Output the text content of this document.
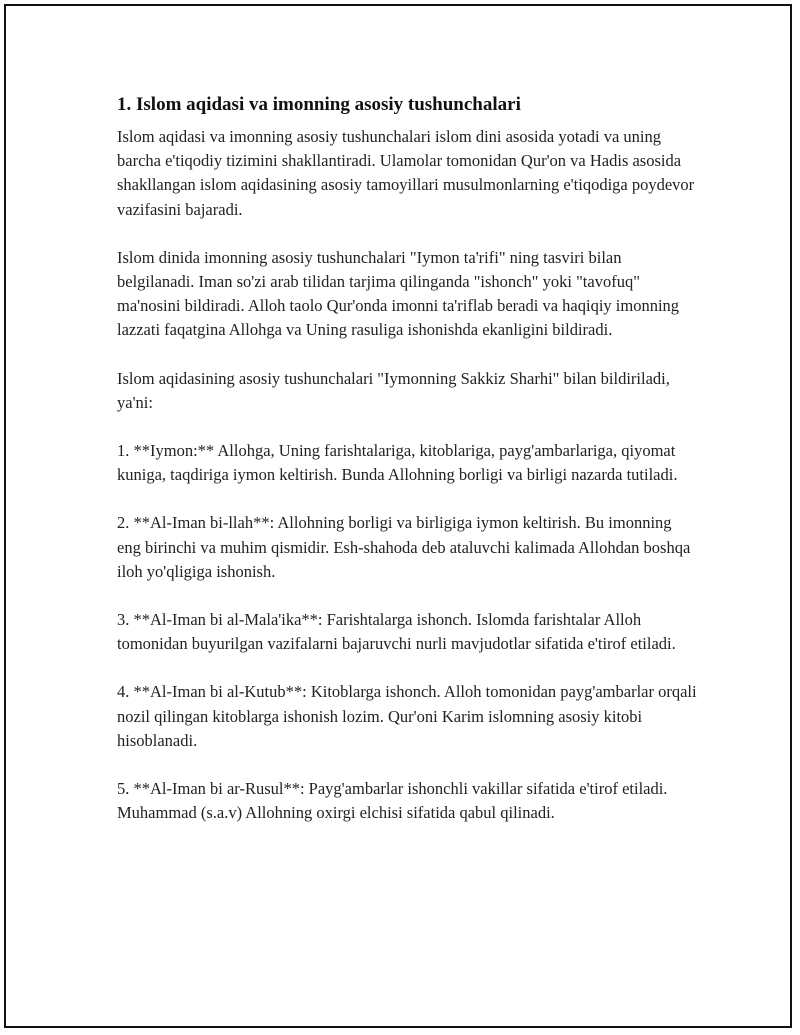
1. Islom aqidasi va imonning asosiy tushunchalari

Islom aqidasi va imonning asosiy tushunchalari islom dini asosida yotadi va uning barcha e'tiqodiy tizimini shakllantiradi. Ulamolar tomonidan Qur'on va Hadis asosida shakllangan islom aqidasining asosiy tamoyillari musulmonlarning e'tiqodiga poydevor vazifasini bajaradi.

Islom dinida imonning asosiy tushunchalari "Iymon ta'rifi" ning tasviri bilan belgilanadi. Iman so'zi arab tilidan tarjima qilinganda "ishonch" yoki "tavofuq" ma'nosini bildiradi. Alloh taolo Qur'onda imonni ta'riflab beradi va haqiqiy imonning lazzati faqatgina Allohga va Uning rasuliga ishonishda ekanligini bildiradi.

Islom aqidasining asosiy tushunchalari "Iymonning Sakkiz Sharhi" bilan bildiriladi, ya'ni:

1. **Iymon:** Allohga, Uning farishtalariga, kitoblariga, payg'ambarlariga, qiyomat kuniga, taqdiriga iymon keltirish. Bunda Allohning borligi va birligi nazarda tutiladi.

2. **Al-Iman bi-llah**: Allohning borligi va birligiga iymon keltirish. Bu imonning eng birinchi va muhim qismidir. Esh-shahoda deb ataluvchi kalimada Allohdan boshqa iloh yo'qligiga ishonish.

3. **Al-Iman bi al-Mala'ika**: Farishtalarga ishonch. Islomda farishtalar Alloh tomonidan buyurilgan vazifalarni bajaruvchi nurli mavjudotlar sifatida e'tirof etiladi.

4. **Al-Iman bi al-Kutub**: Kitoblarga ishonch. Alloh tomonidan payg'ambarlar orqali nozil qilingan kitoblarga ishonish lozim. Qur'oni Karim islomning asosiy kitobi hisoblanadi.

5. **Al-Iman bi ar-Rusul**: Payg'ambarlar ishonchli vakillar sifatida e'tirof etiladi. Muhammad (s.a.v) Allohning oxirgi elchisi sifatida qabul qilinadi.
